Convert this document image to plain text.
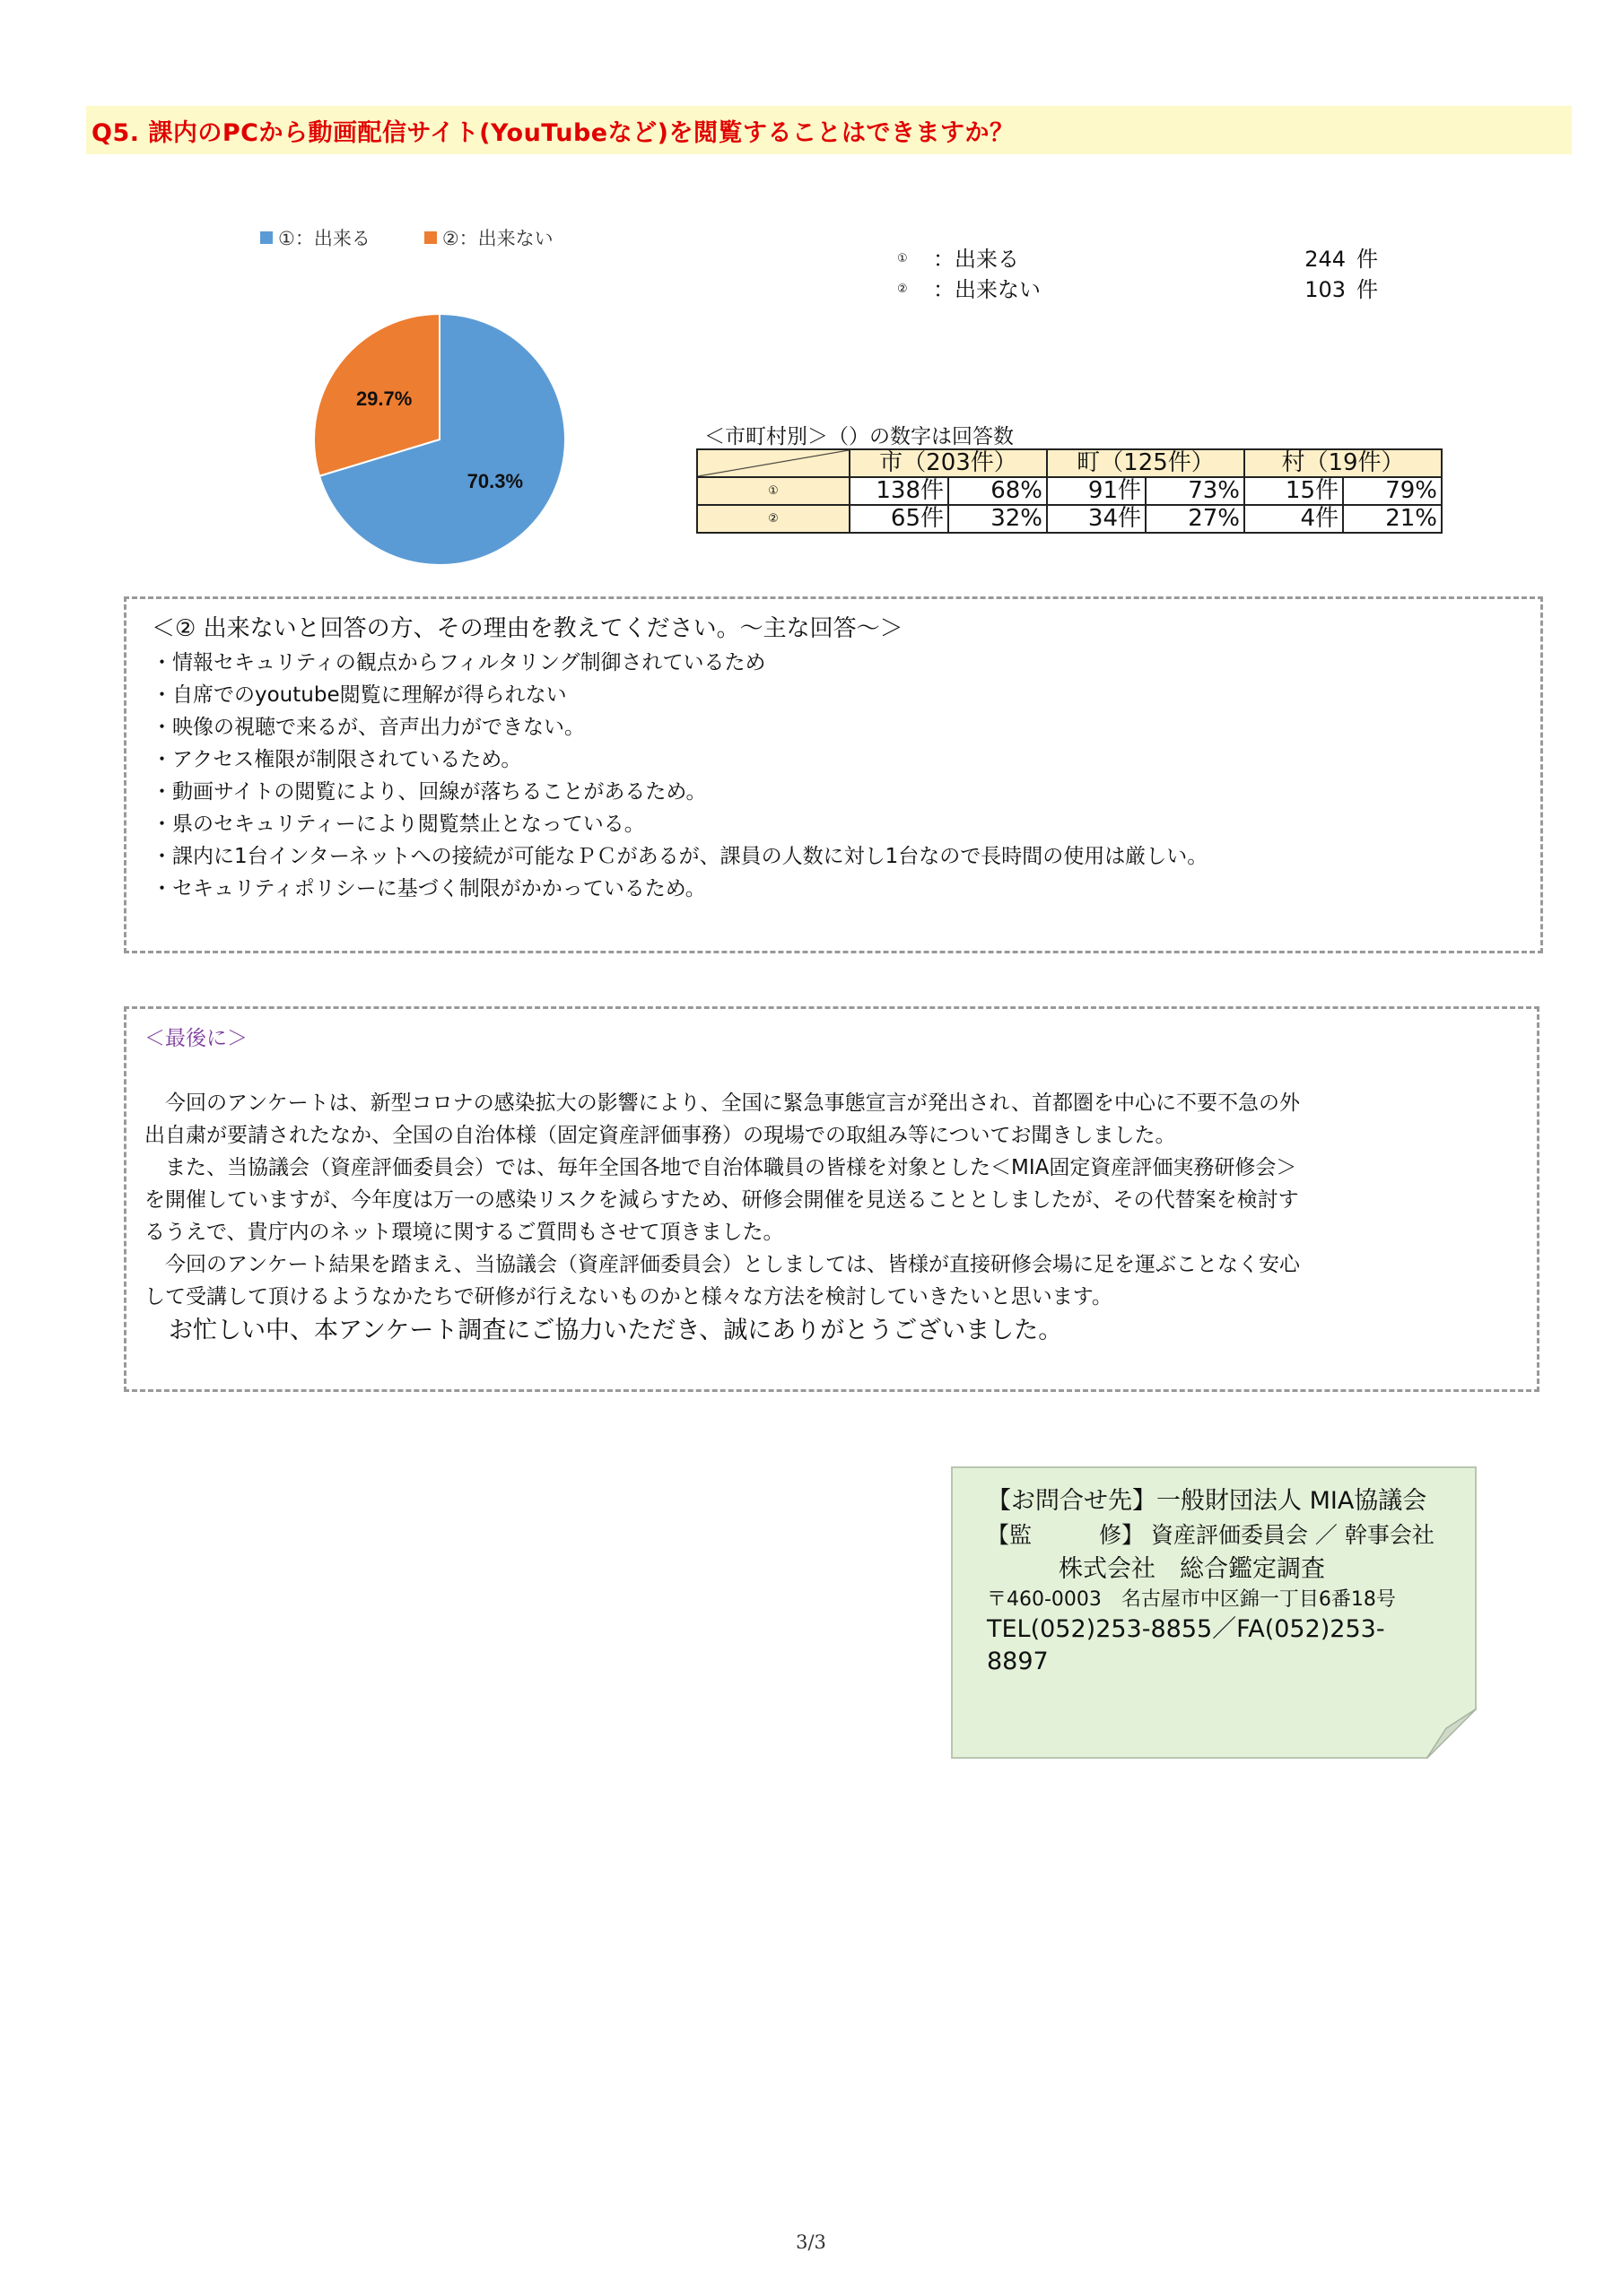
Q5. 課内のPCから動画配信サイト(YouTubeなど)を閲覧することはできますか？
①：出来る	②：出来ない
70.3%
29.7%
①	：出来る	244 件
②	：出来ない	103 件
＜市町村別＞（）の数字は回答数
	市（203件）		町（125件）		村（19件）	
①	138件	68%	91件	73%	15件	79%
②	65件	32%	34件	27%	4件	21%
＜② 出来ないと回答の方、その理由を教えてください。～主な回答～＞
・情報セキュリティの観点からフィルタリング制御されているため
・自席でのyoutube閲覧に理解が得られない
・映像の視聴で来るが、音声出力ができない。
・アクセス権限が制限されているため。
・動画サイトの閲覧により、回線が落ちることがあるため。
・県のセキュリティーにより閲覧禁止となっている。
・課内に1台インターネットへの接続が可能なＰＣがあるが、課員の人数に対し1台なので長時間の使用は厳しい。
・セキュリティポリシーに基づく制限がかかっているため。
＜最後に＞

　今回のアンケートは、新型コロナの感染拡大の影響により、全国に緊急事態宣言が発出され、首都圏を中心に不要不急の外

出自粛が要請されたなか、全国の自治体様（固定資産評価事務）の現場での取組み等についてお聞きしました。

　また、当協議会（資産評価委員会）では、毎年全国各地で自治体職員の皆様を対象とした＜MIA固定資産評価実務研修会＞

を開催していますが、今年度は万一の感染リスクを減らすため、研修会開催を見送ることとしましたが、その代替案を検討す

るうえで、貴庁内のネット環境に関するご質問もさせて頂きました。

　今回のアンケート結果を踏まえ、当協議会（資産評価委員会）としましては、皆様が直接研修会場に足を運ぶことなく安心

して受講して頂けるようなかたちで研修が行えないものかと様々な方法を検討していきたいと思います。

　お忙しい中、本アンケート調査にご協力いただき、誠にありがとうございました。

【お問合せ先】一般財団法人 MIA協議会
【監　　　修】 資産評価委員会 ／ 幹事会社
株式会社　総合鑑定調査
〒460-0003　名古屋市中区錦一丁目6番18号
TEL(052)253-8855／FA(052)253-8897
3/3
